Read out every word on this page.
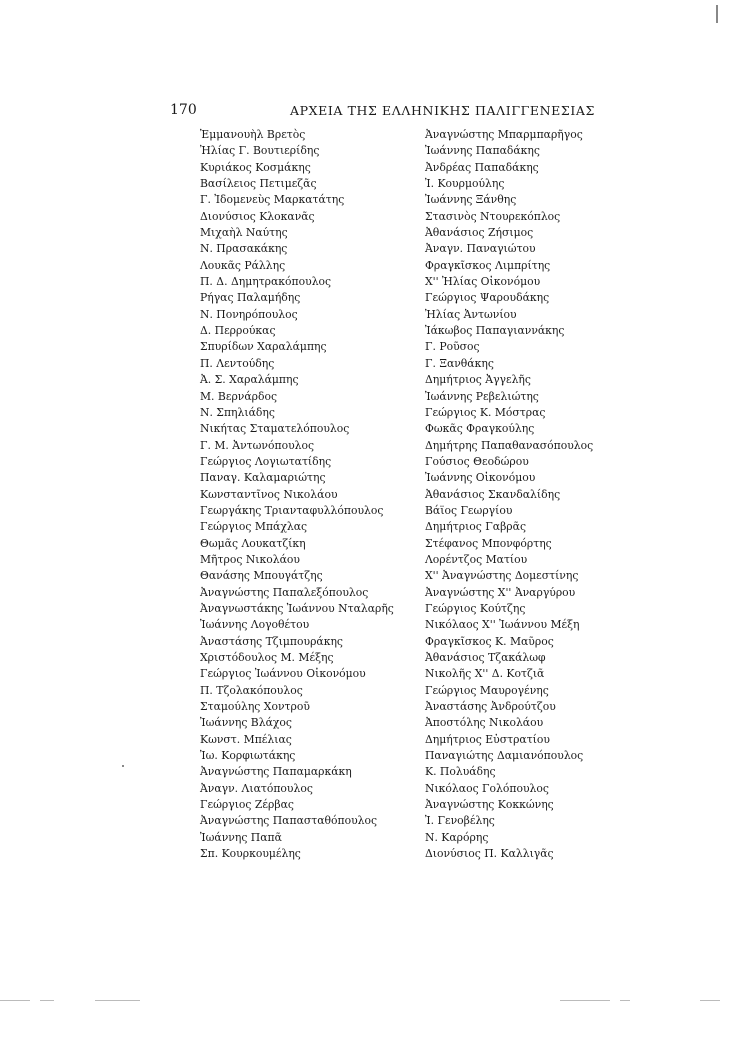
170	ΑΡΧΕΙΑ ΤΗΣ ΕΛΛΗΝΙΚΗΣ ΠΑΛΙΓΓΕΝΕΣΙΑΣ
Ἐμμανουὴλ Βρετὸς
Ἠλίας Γ. Βουτιερίδης
Κυριάκος Κοσμάκης
Βασίλειος Πετιμεζᾶς
Γ. Ἰδομενεὺς Μαρκατάτης
Διονύσιος Κλοκανᾶς
Μιχαὴλ Ναύτης
Ν. Πρασακάκης
Λουκᾶς Ράλλης
Π. Δ. Δημητρακόπουλος
Ρήγας Παλαμήδης
Ν. Πονηρόπουλος
Δ. Περρούκας
Σπυρίδων Χαραλάμπης
Π. Λεντούδης
Ἀ. Σ. Χαραλάμπης
Μ. Βερνάρδος
Ν. Σπηλιάδης
Νικήτας Σταματελόπουλος
Γ. Μ. Ἀντωνόπουλος
Γεώργιος Λογιωτατίδης
Παναγ. Καλαμαριώτης
Κωνσταντῖνος Νικολάου
Γεωργάκης Τριανταφυλλόπουλος
Γεώργιος Μπάχλας
Θωμᾶς Λουκατζίκη
Μῆτρος Νικολάου
Θανάσης Μπουγάτζης
Ἀναγνώστης Παπαλεξόπουλος
Ἀναγνωστάκης Ἰωάννου Νταλαρῆς
Ἰωάννης Λογοθέτου
Ἀναστάσης Τζιμπουράκης
Χριστόδουλος Μ. Μέξης
Γεώργιος Ἰωάννου Οἰκονόμου
Π. Τζολακόπουλος
Σταμούλης Χοντροῦ
Ἰωάννης Βλάχος
Κωνστ. Μπέλιας
Ἰω. Κορφιωτάκης
Ἀναγνώστης Παπαμαρκάκη
Ἀναγν. Λιατόπουλος
Γεώργιος Ζέρβας
Ἀναγνώστης Παπασταθόπουλος
Ἰωάννης Παπᾶ
Σπ. Κουρκουμέλης
Ἀναγνώστης Μπαρμπαρῆγος
Ἰωάννης Παπαδάκης
Ἀνδρέας Παπαδάκης
Ἰ. Κουρμούλης
Ἰωάννης Ξάνθης
Στασινὸς Ντουρεκόπλος
Ἀθανάσιος Ζήσιμος
Ἀναγν. Παναγιώτου
Φραγκῖσκος Λιμπρίτης
Χ'' Ἠλίας Οἰκονόμου
Γεώργιος Ψαρουδάκης
Ἠλίας Ἀντωνίου
Ἰάκωβος Παπαγιαννάκης
Γ. Ροῦσος
Γ. Ξανθάκης
Δημήτριος Ἀγγελῆς
Ἰωάννης Ρεβελιώτης
Γεώργιος Κ. Μόστρας
Φωκᾶς Φραγκούλης
Δημήτρης Παπαθανασόπουλος
Γούσιος Θεοδώρου
Ἰωάννης Οἰκονόμου
Ἀθανάσιος Σκανδαλίδης
Βάϊος Γεωργίου
Δημήτριος Γαβρᾶς
Στέφανος Μπονφόρτης
Λορέντζος Ματίου
Χ'' Ἀναγνώστης Δομεστίνης
Ἀναγνώστης Χ'' Ἀναργύρου
Γεώργιος Κούτζης
Νικόλαος Χ'' Ἰωάννου Μέξη
Φραγκῖσκος Κ. Μαῦρος
Ἀθανάσιος Τζακάλωφ
Νικολῆς Χ'' Δ. Κοτζιᾶ
Γεώργιος Μαυρογένης
Ἀναστάσης Ἀνδρούτζου
Ἀποστόλης Νικολάου
Δημήτριος Εὐστρατίου
Παναγιώτης Δαμιανόπουλος
Κ. Πολυάδης
Νικόλαος Γολόπουλος
Ἀναγνώστης Κοκκώνης
Ἰ. Γενοβέλης
Ν. Καρόρης
Διονύσιος Π. Καλλιγᾶς
